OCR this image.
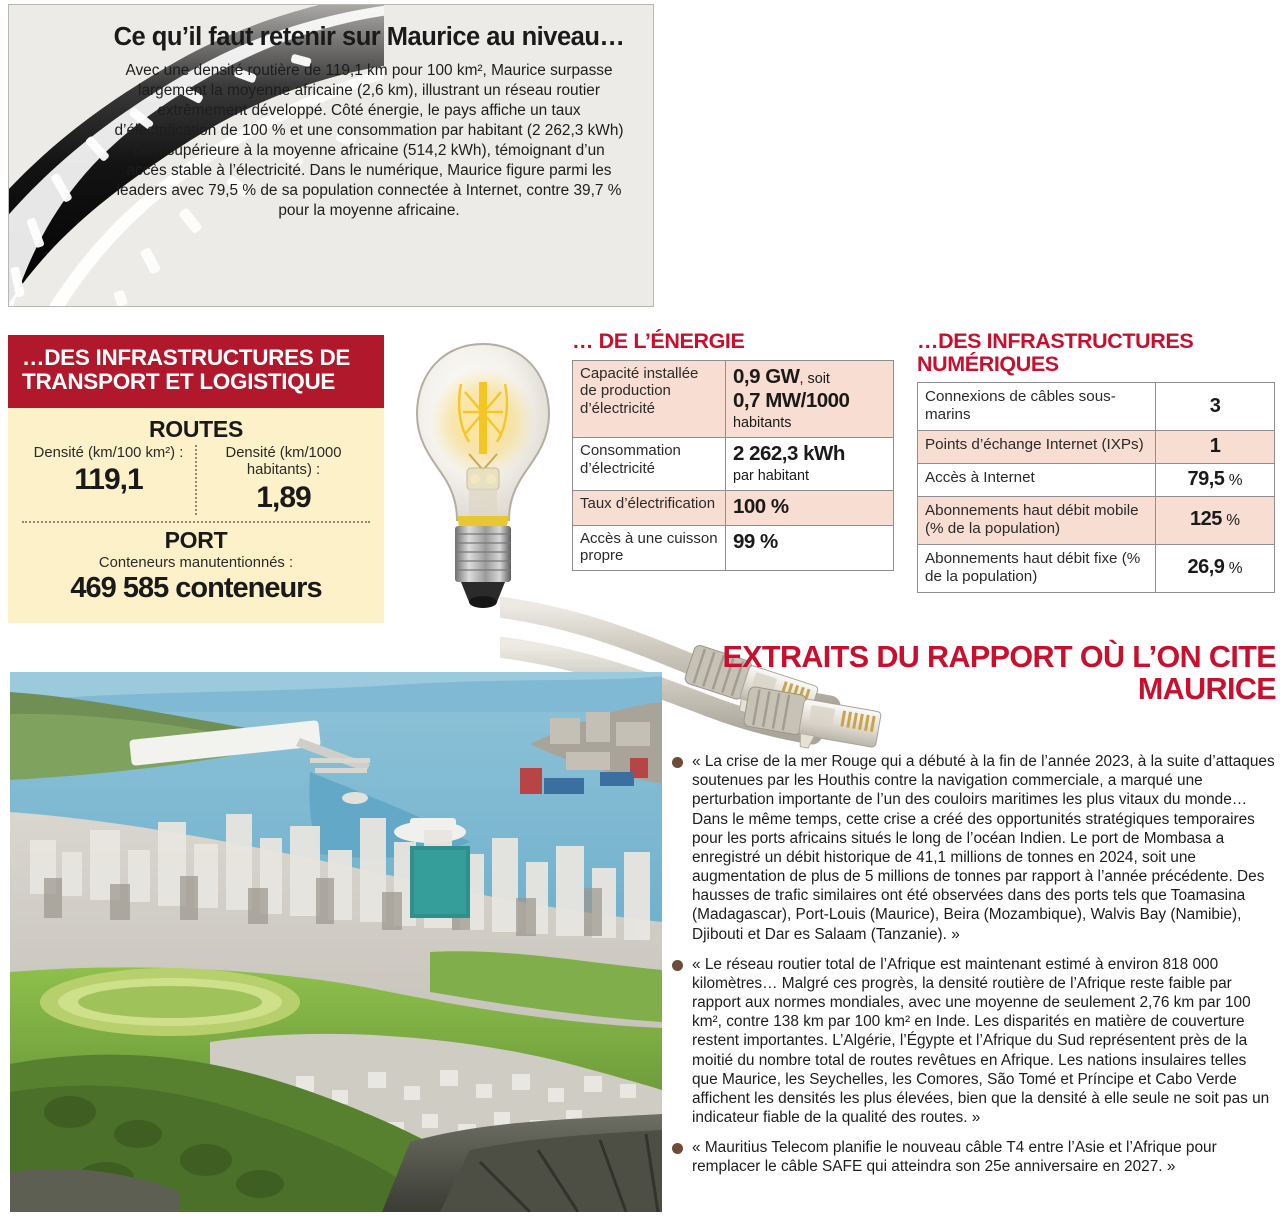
Ce qu’il faut retenir sur Maurice au niveau…
Avec une densité routière de 119,1 km pour 100 km², Maurice surpasse largement la moyenne africaine (2,6 km), illustrant un réseau routier extrêmement développé. Côté énergie, le pays affiche un taux d’électrification de 100 % et une consommation par habitant (2 262,3 kWh) bien supérieure à la moyenne africaine (514,2 kWh), témoignant d’un accès stable à l’électricité. Dans le numérique, Maurice figure parmi les leaders avec 79,5 % de sa population connectée à Internet, contre 39,7 % pour la moyenne africaine.
…DES INFRASTRUCTURES DE TRANSPORT ET LOGISTIQUE
ROUTES
Densité (km/100 km²) :
119,1
Densité (km/1000 habitants) :
1,89
PORT
Conteneurs manutentionnés :
469 585 conteneurs
… DE L’ÉNERGIE
Capacité installée de production d’électricité	0,9 GW, soit
0,7 MW/1000
habitants
Consommation d’électricité	2 262,3 kWh
par habitant
Taux d’électrification	100 %
Accès à une cuisson propre	99 %
…DES INFRASTRUCTURES NUMÉRIQUES
Connexions de câbles sous-marins	3
Points d’échange Internet (IXPs)	1
Accès à Internet	79,5 %
Abonnements haut débit mobile (% de la population)	125 %
Abonnements haut débit fixe (% de la population)	26,9 %
EXTRAITS DU RAPPORT OÙ L’ON CITE MAURICE
« La crise de la mer Rouge qui a débuté à la fin de l’année 2023, à la suite d’attaques soutenues par les Houthis contre la navigation commerciale, a marqué une perturbation importante de l’un des couloirs maritimes les plus vitaux du monde… Dans le même temps, cette crise a créé des opportunités stratégiques temporaires pour les ports africains situés le long de l’océan Indien. Le port de Mombasa a enregistré un débit historique de 41,1 millions de tonnes en 2024, soit une augmentation de plus de 5 millions de tonnes par rapport à l’année précédente. Des hausses de trafic similaires ont été observées dans des ports tels que Toamasina (Madagascar), Port-Louis (Maurice), Beira (Mozambique), Walvis Bay (Namibie), Djibouti et Dar es Salaam (Tanzanie). »
« Le réseau routier total de l’Afrique est maintenant estimé à environ 818 000 kilomètres… Malgré ces progrès, la densité routière de l’Afrique reste faible par rapport aux normes mondiales, avec une moyenne de seulement 2,76 km par 100 km², contre 138 km par 100 km² en Inde. Les disparités en matière de couverture restent importantes. L’Algérie, l’Égypte et l’Afrique du Sud représentent près de la moitié du nombre total de routes revêtues en Afrique. Les nations insulaires telles que Maurice, les Seychelles, les Comores, São Tomé et Príncipe et Cabo Verde affichent les densités les plus élevées, bien que la densité à elle seule ne soit pas un indicateur fiable de la qualité des routes. »
« Mauritius Telecom planifie le nouveau câble T4 entre l’Asie et l’Afrique pour remplacer le câble SAFE qui atteindra son 25e anniversaire en 2027. »
